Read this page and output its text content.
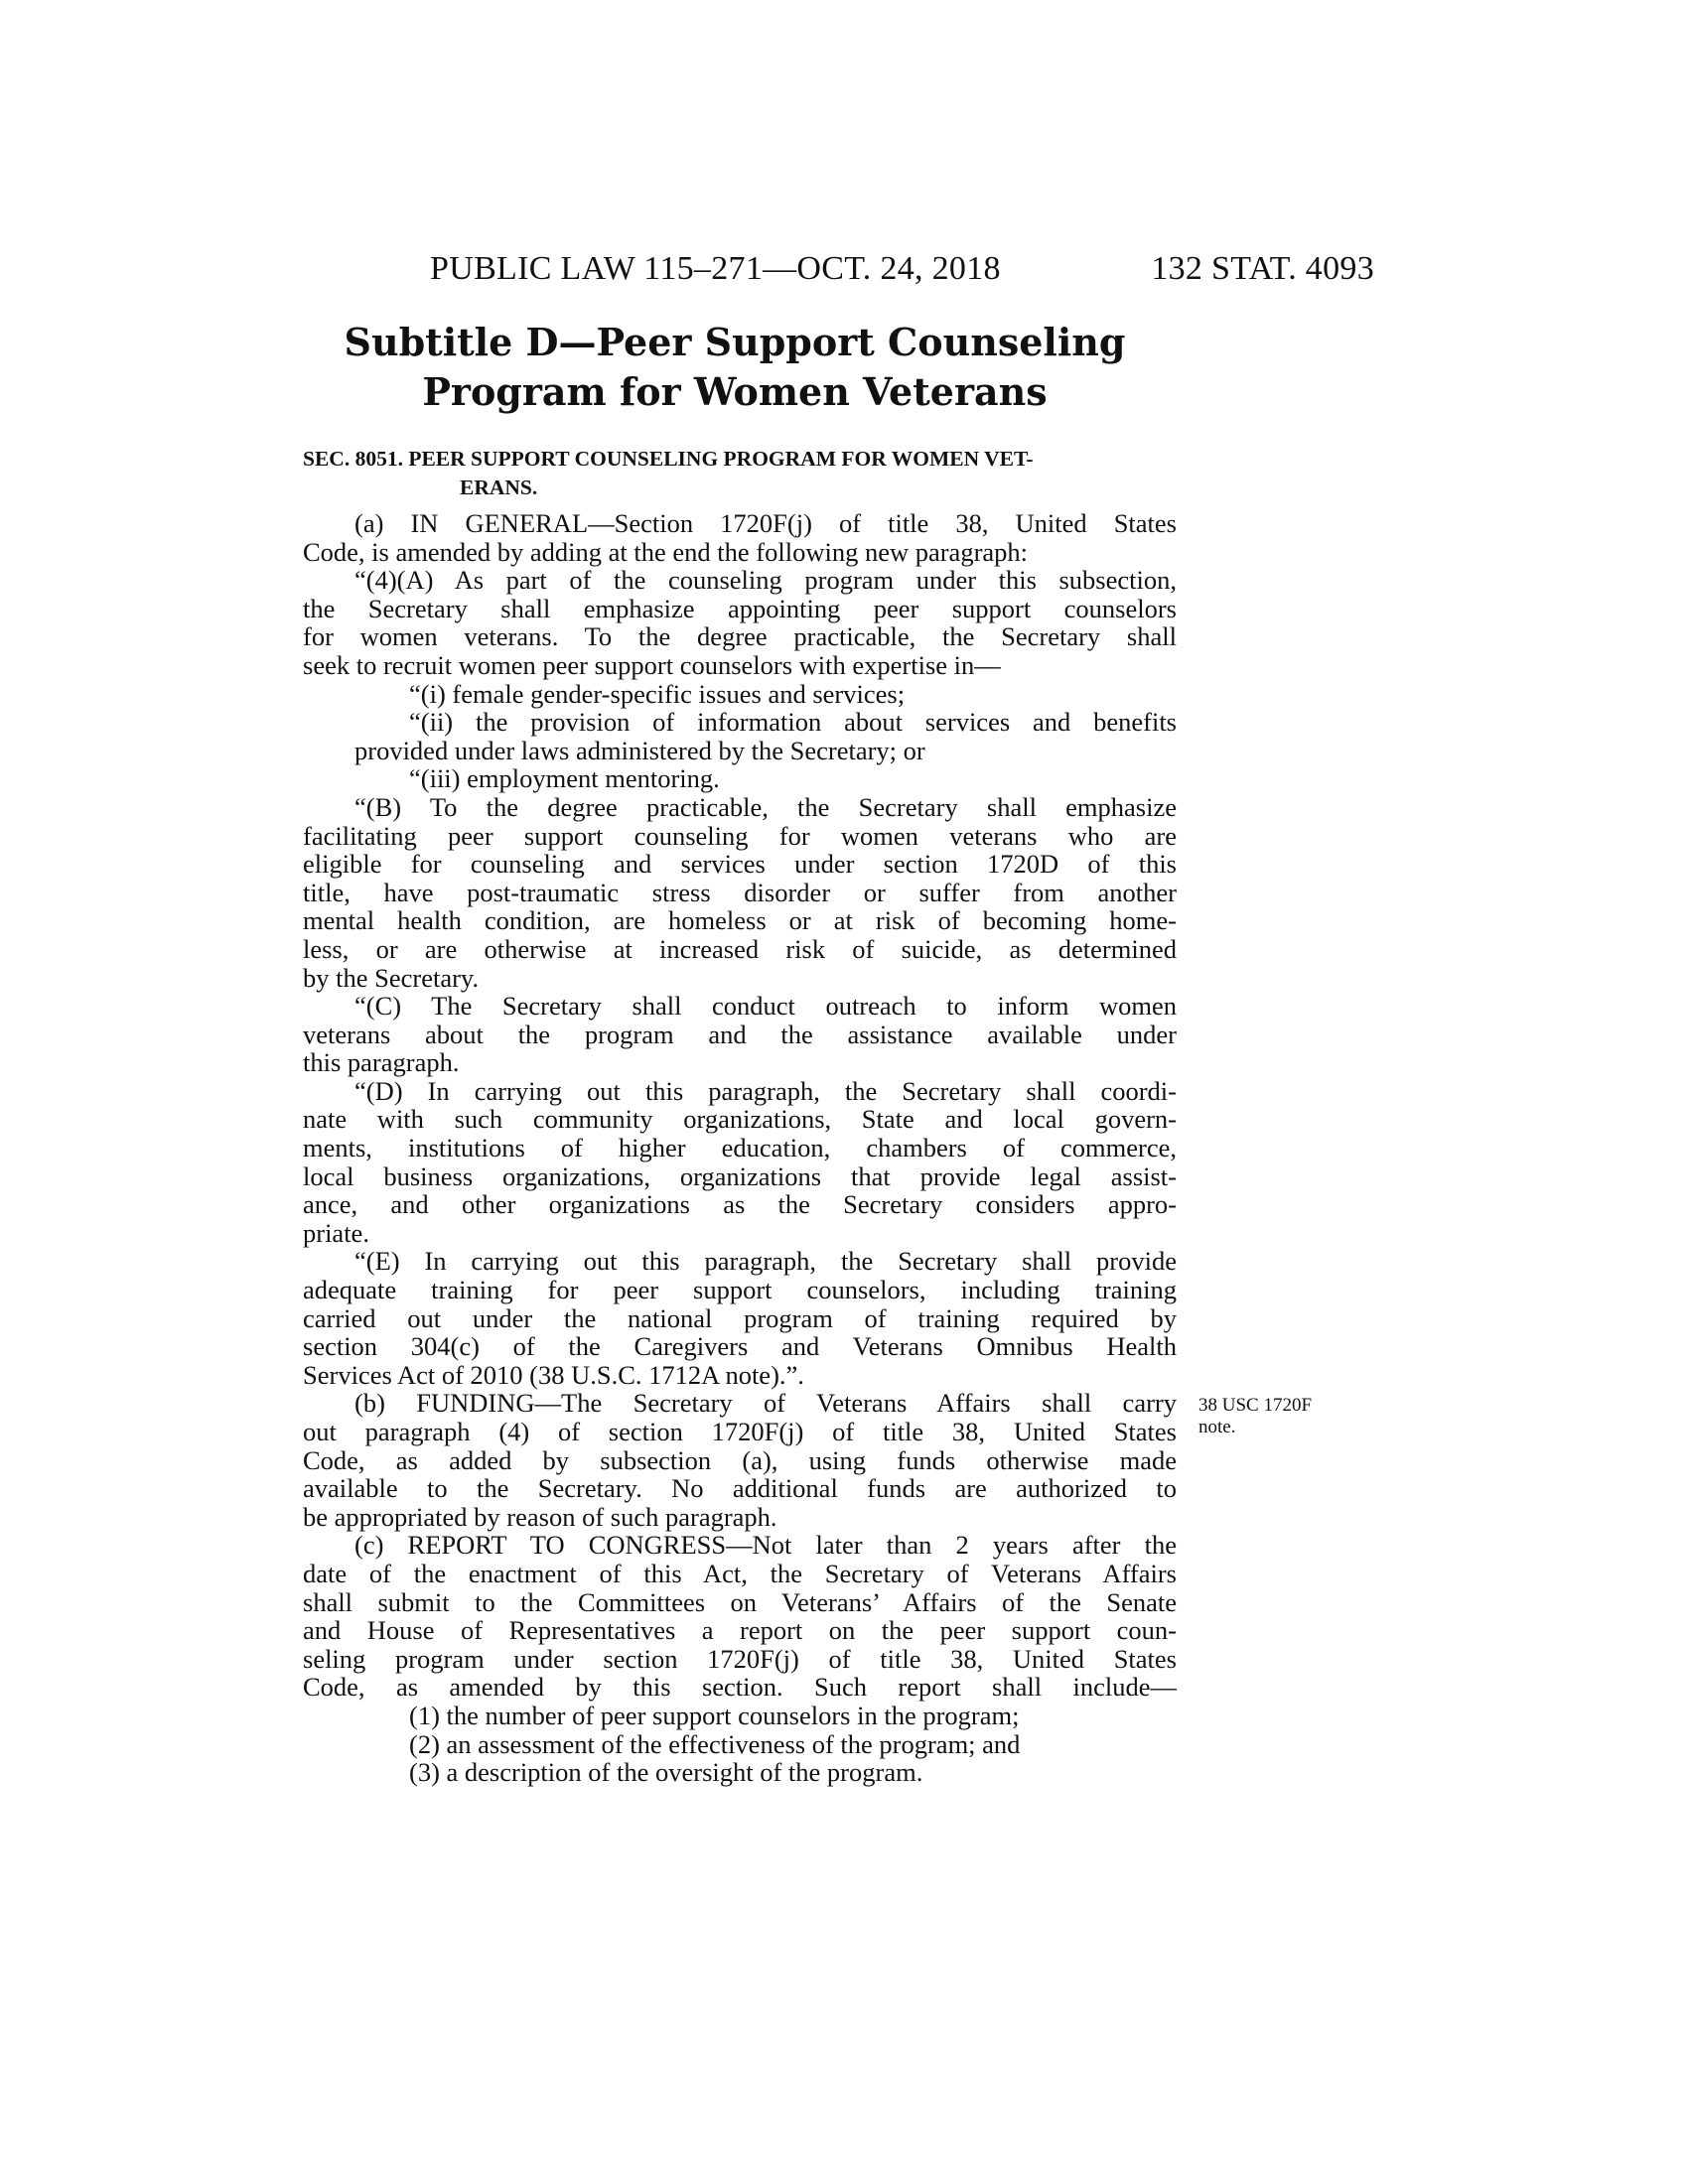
PUBLIC LAW 115–271—OCT. 24, 2018	132 STAT. 4093
Subtitle D—Peer Support Counseling
Program for Women Veterans
SEC. 8051. PEER SUPPORT COUNSELING PROGRAM FOR WOMEN VET-
ERANS.
(a) IN GENERAL—Section 1720F(j) of title 38, United States
Code, is amended by adding at the end the following new paragraph:
“(4)(A) As part of the counseling program under this subsection,
the Secretary shall emphasize appointing peer support counselors
for women veterans. To the degree practicable, the Secretary shall
seek to recruit women peer support counselors with expertise in—
“(i) female gender-specific issues and services;
“(ii) the provision of information about services and benefits
provided under laws administered by the Secretary; or
“(iii) employment mentoring.
“(B) To the degree practicable, the Secretary shall emphasize
facilitating peer support counseling for women veterans who are
eligible for counseling and services under section 1720D of this
title, have post-traumatic stress disorder or suffer from another
mental health condition, are homeless or at risk of becoming home-
less, or are otherwise at increased risk of suicide, as determined
by the Secretary.
“(C) The Secretary shall conduct outreach to inform women
veterans about the program and the assistance available under
this paragraph.
“(D) In carrying out this paragraph, the Secretary shall coordi-
nate with such community organizations, State and local govern-
ments, institutions of higher education, chambers of commerce,
local business organizations, organizations that provide legal assist-
ance, and other organizations as the Secretary considers appro-
priate.
“(E) In carrying out this paragraph, the Secretary shall provide
adequate training for peer support counselors, including training
carried out under the national program of training required by
section 304(c) of the Caregivers and Veterans Omnibus Health
Services Act of 2010 (38 U.S.C. 1712A note).”.
(b) FUNDING—The Secretary of Veterans Affairs shall carry
out paragraph (4) of section 1720F(j) of title 38, United States
Code, as added by subsection (a), using funds otherwise made
available to the Secretary. No additional funds are authorized to
be appropriated by reason of such paragraph.
(c) REPORT TO CONGRESS—Not later than 2 years after the
date of the enactment of this Act, the Secretary of Veterans Affairs
shall submit to the Committees on Veterans’ Affairs of the Senate
and House of Representatives a report on the peer support coun-
seling program under section 1720F(j) of title 38, United States
Code, as amended by this section. Such report shall include—
(1) the number of peer support counselors in the program;
(2) an assessment of the effectiveness of the program; and
(3) a description of the oversight of the program.
38 USC 1720F
note.
